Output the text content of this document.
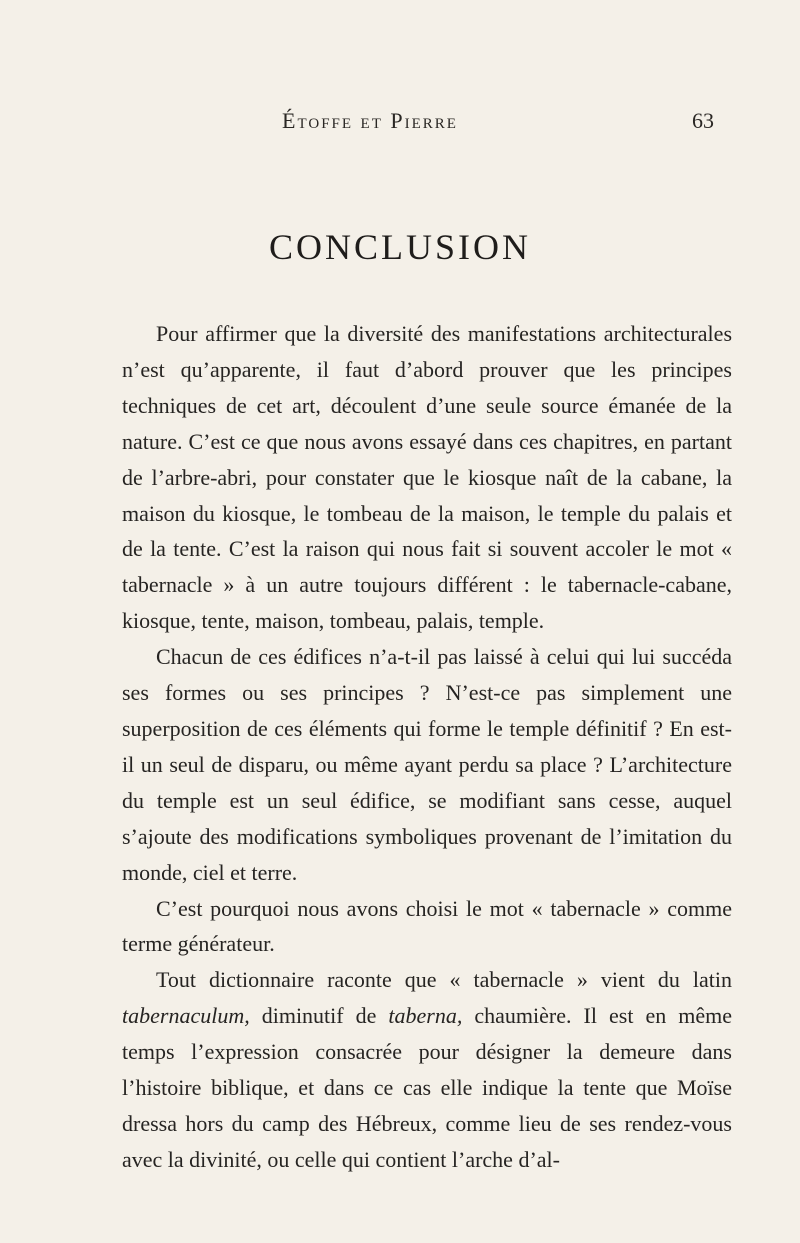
Étoffe et Pierre	63
CONCLUSION

Pour affirmer que la diversité des manifestations architecturales n’est qu’apparente, il faut d’abord prouver que les principes techniques de cet art, découlent d’une seule source émanée de la nature. C’est ce que nous avons essayé dans ces chapitres, en partant de l’arbre-abri, pour constater que le kiosque naît de la cabane, la maison du kiosque, le tombeau de la maison, le temple du palais et de la tente. C’est la raison qui nous fait si souvent accoler le mot « tabernacle » à un autre toujours différent : le tabernacle-cabane, kiosque, tente, maison, tombeau, palais, temple.

Chacun de ces édifices n’a-t-il pas laissé à celui qui lui succéda ses formes ou ses principes ? N’est-ce pas simplement une superposition de ces éléments qui forme le temple définitif ? En est-il un seul de disparu, ou même ayant perdu sa place ? L’architecture du temple est un seul édifice, se modifiant sans cesse, auquel s’ajoute des modifications symboliques provenant de l’imitation du monde, ciel et terre.

C’est pourquoi nous avons choisi le mot « tabernacle » comme terme générateur.

Tout dictionnaire raconte que « tabernacle » vient du latin tabernaculum, diminutif de taberna, chaumière. Il est en même temps l’expression consacrée pour désigner la demeure dans l’histoire biblique, et dans ce cas elle indique la tente que Moïse dressa hors du camp des Hébreux, comme lieu de ses rendez-vous avec la divinité, ou celle qui contient l’arche d’al-
